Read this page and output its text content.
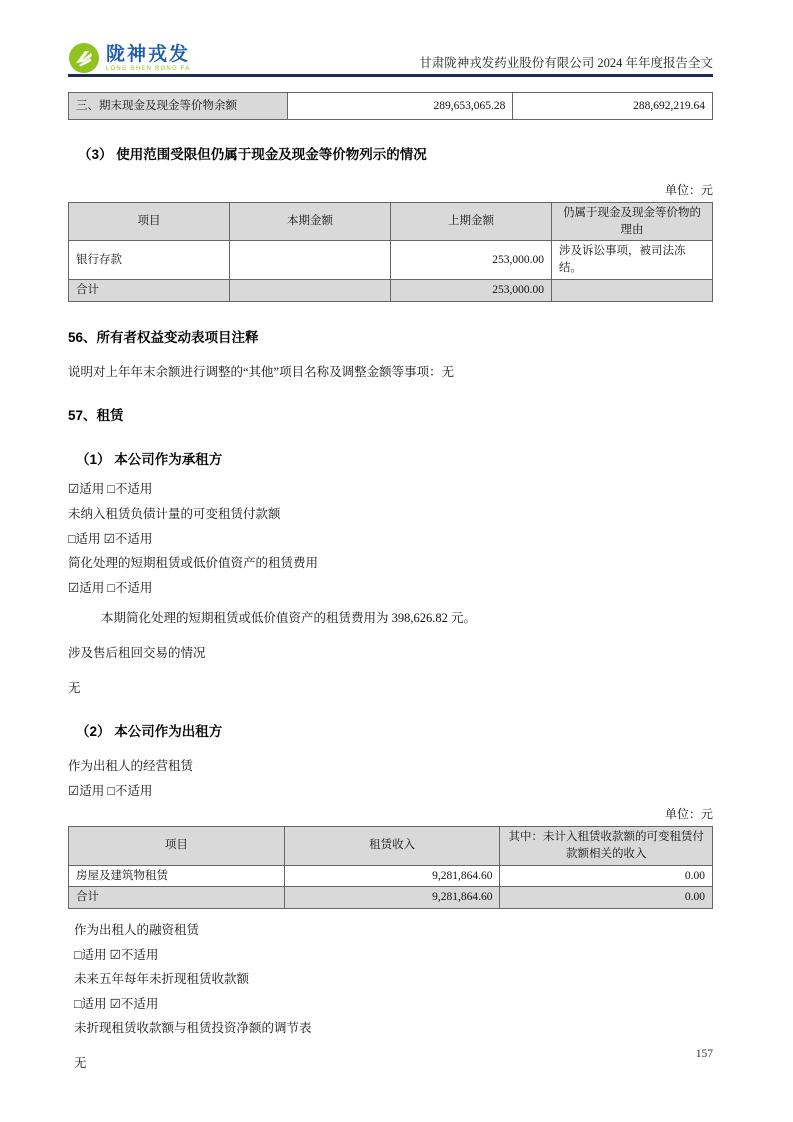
陇神戎发
LONG SHEN RONG FA	甘肃陇神戎发药业股份有限公司 2024 年年度报告全文
三、期末现金及现金等价物余额	289,653,065.28	288,692,219.64
（3） 使用范围受限但仍属于现金及现金等价物列示的情况
单位：元
项目	本期金额	上期金额	仍属于现金及现金等价物的理由
银行存款		253,000.00	涉及诉讼事项，被司法冻结。
合计		253,000.00	
56、所有者权益变动表项目注释

说明对上年年末余额进行调整的“其他”项目名称及调整金额等事项：无

57、租赁
（1） 本公司作为承租方

☑适用 □不适用

未纳入租赁负债计量的可变租赁付款额

□适用 ☑不适用

简化处理的短期租赁或低价值资产的租赁费用

☑适用 □不适用

本期简化处理的短期租赁或低价值资产的租赁费用为 398,626.82 元。

涉及售后租回交易的情况

无

（2） 本公司作为出租方

作为出租人的经营租赁

☑适用 □不适用

单位：元
项目	租赁收入	其中：未计入租赁收款额的可变租赁付款额相关的收入
房屋及建筑物租赁	9,281,864.60	0.00
合计	9,281,864.60	0.00

作为出租人的融资租赁

□适用 ☑不适用

未来五年每年未折现租赁收款额

□适用 ☑不适用

未折现租赁收款额与租赁投资净额的调节表

无

157
